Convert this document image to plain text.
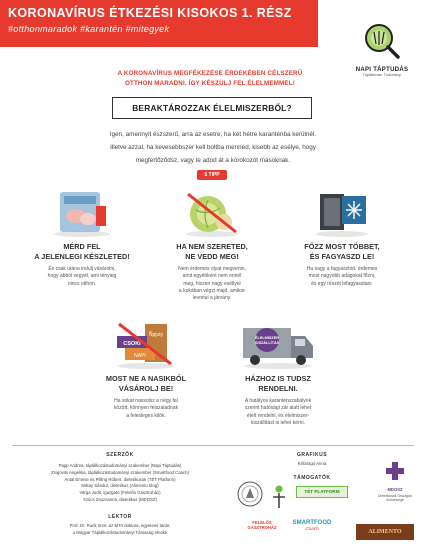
KORONAVÍRUS ÉTKEZÉSI KISOKOS 1. RÉSZ
#otthonmaradok #karantén #mitegyek
NAPI TÁPTUDÁS
Táplálkozás. Tudomány.
A KORONAVÍRUS MEGFÉKEZÉSE ÉRDEKÉBEN CÉLSZERŰ
OTTHON MARADNI. ÍGY KÉSZÜLJ FEL ÉLELMEMMEL!
BERAKTÁROZZAK ÉLELMISZERBŐL?
Igen, amennyit észszerű, arra az esetre, ha két hétre karanténba kerülnél.
Illetve azzal, ha kevesebbszer kell boltba menned, kisebb az esélye, hogy
megfertőződsz, vagy te adod át a kórokozót másoknak.
5 TIPP
MÉRD FEL
A JELENLEGI KÉSZLETED!
És csak utána indulj vásárolni,
hogy abból vegyél, ami tényleg
nincs otthon.
HA NEM SZERETED,
NE VEDD MEG!
Nem érdemes olyat megvenni,
amit egyébként nem ennél
meg, hiszen nagy eséllyel
a kukában végzi majd, amikor
levonul a járvány.
FŐZZ MOST TÖBBET,
ÉS FAGYASZD LE!
Ha nagy a fagyasztód, érdemes
most nagyobb adagokat főzni,
és egy részét lefagyasztani.
Ñpjuty
CSOKI
NAPI
MOST NE A NASIKBÓL
VÁSÁROLJ BE!
Ha sokat nassolsz a négy fal
között, könnyen felszaladnak
a felesleges kilók.
ÉLELMISZER
KISZÁLLÍTÁS
HÁZHOZ IS TUDSZ
RENDELNI.
A hatályos karanténszabályok
szerint hatósági zár alatt lehet
ételt rendelni, és élelmiszer-
kiszállítást is lehet kérni.
SZERZŐK
Papp Andrea, táplálkozástudományi szakember (Napi Táptudás)
Zsigovits Angelika, táplálkozástudományi szakember (Smartfood Coach)
Antal Emese és Pilling Róbert, dietetikusok (TÉT Platform)
Mátay Sándor, dietetikus (Alimento blog)
Varga Judit, igazgató (Felelős Gasztroház)
Szűcs Zsuzsanna, dietetikus (MDOSZ)
LEKTOR
Prof. Dr. Rurik Imre, az MTA doktora, egyetemi tanár,
a Magyar Táplálkozástudományi Társaság elnöke
GRAFIKUS
Kéfaragó Anna
TÁMOGATÓK
TÉT PLATFORM	MDOSZ
Dietetikusok Országos
Szövetsége
FELELŐS GASZTROHÁZ
SMARTFOOD
Coach
ALIMENTO
